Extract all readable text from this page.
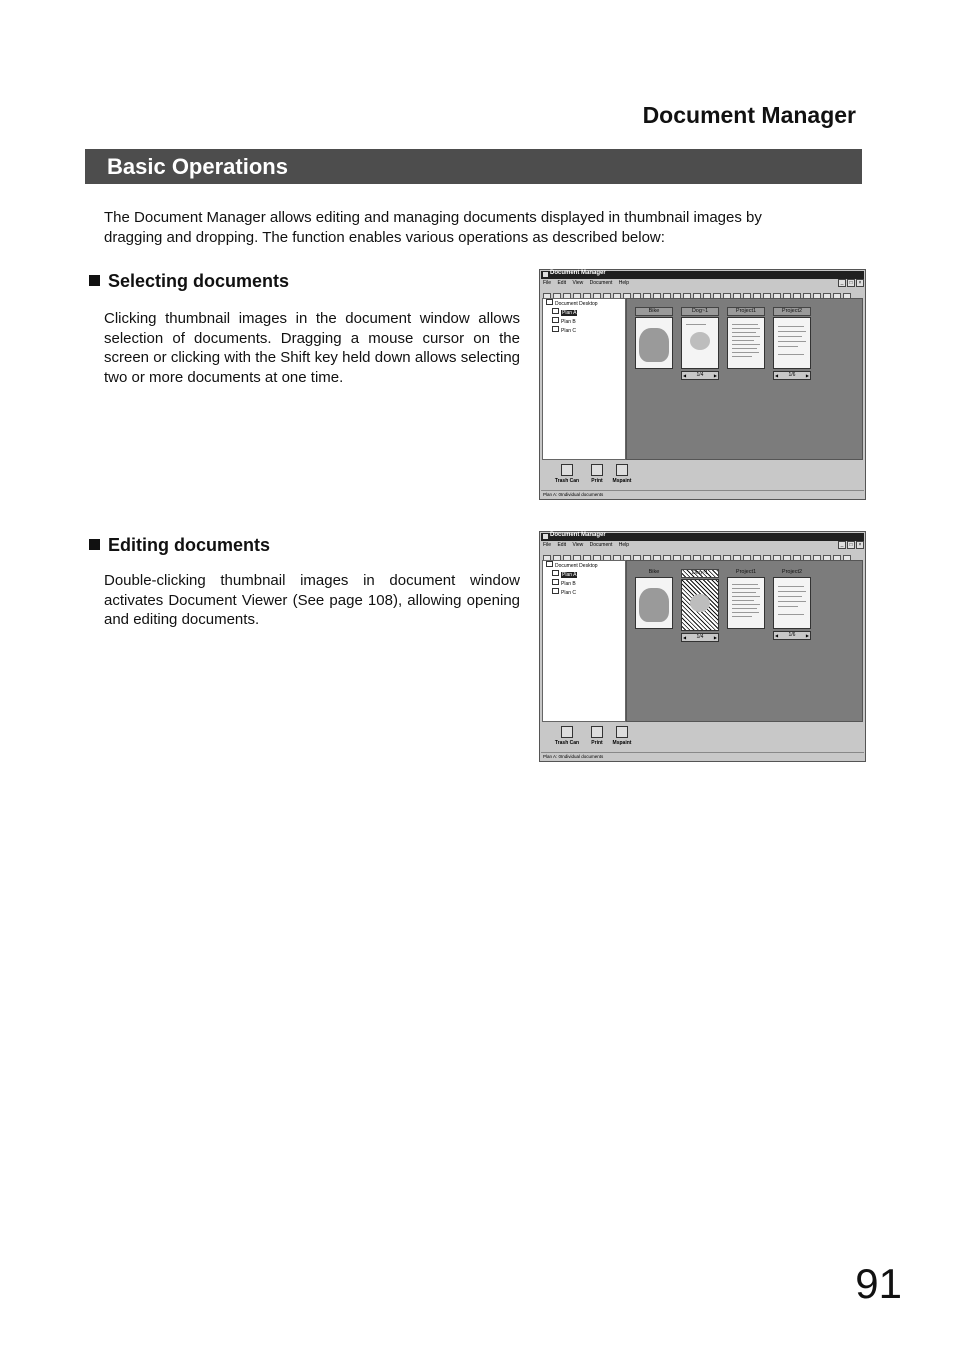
Document Manager
Basic Operations
The Document Manager allows editing and managing documents displayed in thumbnail images by dragging and dropping. The function enables various operations as described below:
Selecting documents
Clicking thumbnail images in the document window allows selection of documents. Dragging a mouse cursor on the screen or clicking with the Shift key held down allows selecting two or more documents at one time.
Editing documents
Double-clicking thumbnail images in document window activates Document Viewer (See page 108), allowing opening and editing documents.
Document Manager
_ □ ×
File Edit View Document Help
Document Desktop
Plan A
Plan B
Plan C
Bike	Dog~1
◀ 1/4 ▶
Project1	Project2
◀ 1/6 ▶
Trash Can	Print	Mspaint
Plan A: 0Individual documents
Document Manager
_ □ ×
File Edit View Document Help
Document Desktop
Plan A
Plan B
Plan C
Bike	Dog~1
◀ 1/4 ▶
Project1	Project2
◀ 1/6 ▶
Trash Can	Print	Mspaint
Plan A: 0Individual documents
91
